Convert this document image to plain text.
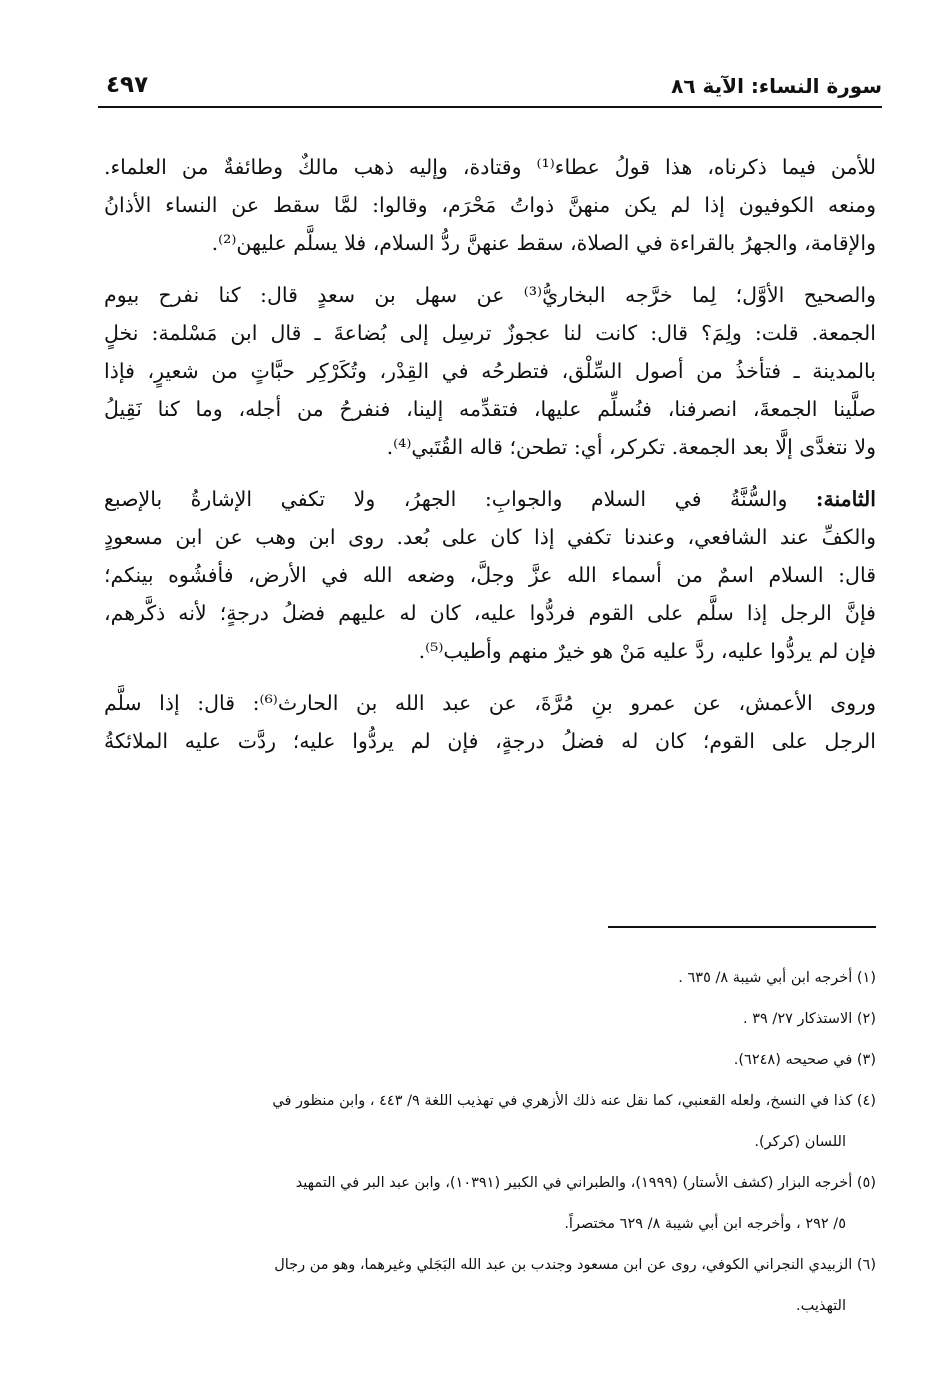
سورة النساء: الآية ٨٦
٤٩٧

للأمن فيما ذكرناه، هذا قولُ عطاء⁽¹⁾ وقتادة، وإليه ذهب مالكٌ وطائفةٌ من العلماء.
ومنعه الكوفيون إذا لم يكن منهنَّ ذواتُ مَحْرَم، وقالوا: لمَّا سقط عن النساء الأذانُ
والإقامة، والجهرُ بالقراءة في الصلاة، سقط عنهنَّ ردُّ السلام، فلا يسلَّم عليهن⁽²⁾.

والصحيح الأوَّل؛ لِما خرَّجه البخاريُّ⁽³⁾ عن سهل بن سعدٍ قال: كنا نفرح بيوم
الجمعة. قلت: ولِمَ؟ قال: كانت لنا عجوزٌ ترسِل إلى بُضاعةَ ـ قال ابن مَسْلمة: نخلٍ
بالمدينة ـ فتأخذُ من أصول السِّلْق، فتطرحُه في القِدْر، وتُكَرْكِر حبَّاتٍ من شعيرٍ، فإذا
صلَّينا الجمعةَ، انصرفنا، فنُسلِّم عليها، فتقدِّمه إلينا، فنفرحُ من أجله، وما كنا نَقِيلُ
ولا نتغدَّى إلَّا بعد الجمعة. تكركر، أي: تطحن؛ قاله القُتَبي⁽⁴⁾.

الثامنة: والسُّنَّةُ في السلام والجوابِ: الجهرُ، ولا تكفي الإشارةُ بالإصبع
والكفِّ عند الشافعي، وعندنا تكفي إذا كان على بُعد. روى ابن وهب عن ابن مسعودٍ
قال: السلام اسمٌ من أسماء الله عزَّ وجلَّ، وضعه الله في الأرض، فأفشُوه بينكم؛
فإنَّ الرجل إذا سلَّم على القوم فردُّوا عليه، كان له عليهم فضلُ درجةٍ؛ لأنه ذكَّرهم،
فإن لم يردُّوا عليه، ردَّ عليه مَنْ هو خيرٌ منهم وأطيب⁽⁵⁾.

وروى الأعمش، عن عمرو بنِ مُرَّةَ، عن عبد الله بن الحارث⁽⁶⁾: قال: إذا سلَّم
الرجل على القوم؛ كان له فضلُ درجةٍ، فإن لم يردُّوا عليه؛ ردَّت عليه الملائكةُ

(١) أخرجه ابن أبي شيبة ٨/ ٦٣٥ .
(٢) الاستذكار ٢٧/ ٣٩ .
(٣) في صحيحه (٦٢٤٨).
(٤) كذا في النسخ، ولعله القعنبي، كما نقل عنه ذلك الأزهري في تهذيب اللغة ٩/ ٤٤٣ ، وابن منظور في
اللسان (كركر).
(٥) أخرجه البزار (كشف الأستار) (١٩٩٩)، والطبراني في الكبير (١٠٣٩١)، وابن عبد البر في التمهيد
٥/ ٢٩٢ ، وأخرجه ابن أبي شيبة ٨/ ٦٢٩ مختصراً.
(٦) الزبيدي النجراني الكوفي، روى عن ابن مسعود وجندب بن عبد الله البَجَلي وغيرهما، وهو من رجال
التهذيب.
